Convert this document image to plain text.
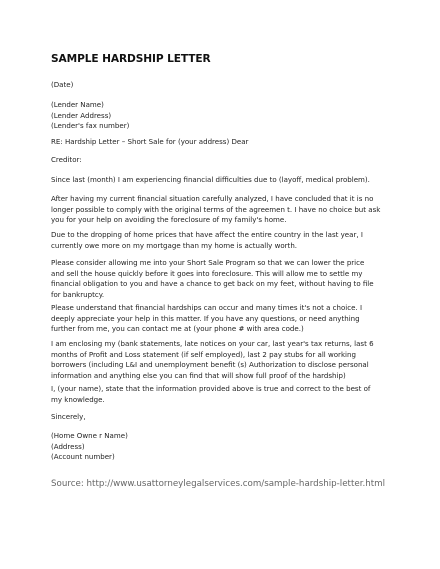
SAMPLE HARDSHIP LETTER
(Date)
(Lender Name)
(Lender Address)
(Lender's fax number)
RE: Hardship Letter – Short Sale for (your address) Dear
Creditor:
Since last (month) I am experiencing financial difficulties due to (layoff, medical problem).

After having my current financial situation carefully analyzed, I have concluded that it is no

longer possible to comply with the original terms of the agreemen t. I have no choice but ask

you for your help on avoiding the foreclosure of my family's home.

Due to the dropping of home prices that have affect the entire country in the last year, I

currently owe more on my mortgage than my home is actually worth.

Please consider allowing me into your Short Sale Program so that we can lower the price

and sell the house quickly before it goes into foreclosure. This will allow me to settle my

financial obligation to you and have a chance to get back on my feet, without having to file

for bankruptcy.

Please understand that financial hardships can occur and many times it's not a choice. I

deeply appreciate your help in this matter. If you have any questions, or need anything

further from me, you can contact me at (your phone # with area code.)

I am enclosing my (bank statements, late notices on your car, last year's tax returns, last 6

months of Profit and Loss statement (if self employed), last 2 pay stubs for all working

borrowers (including L&I and unemployment benefit (s) Authorization to disclose personal

information and anything else you can find that will show full proof of the hardship)

I, (your name), state that the information provided above is true and correct to the best of

my knowledge.

Sincerely,
(Home Owne r Name)
(Address)
(Account number)
Source: http://www.usattorneylegalservices.com/sample-hardship-letter.html
